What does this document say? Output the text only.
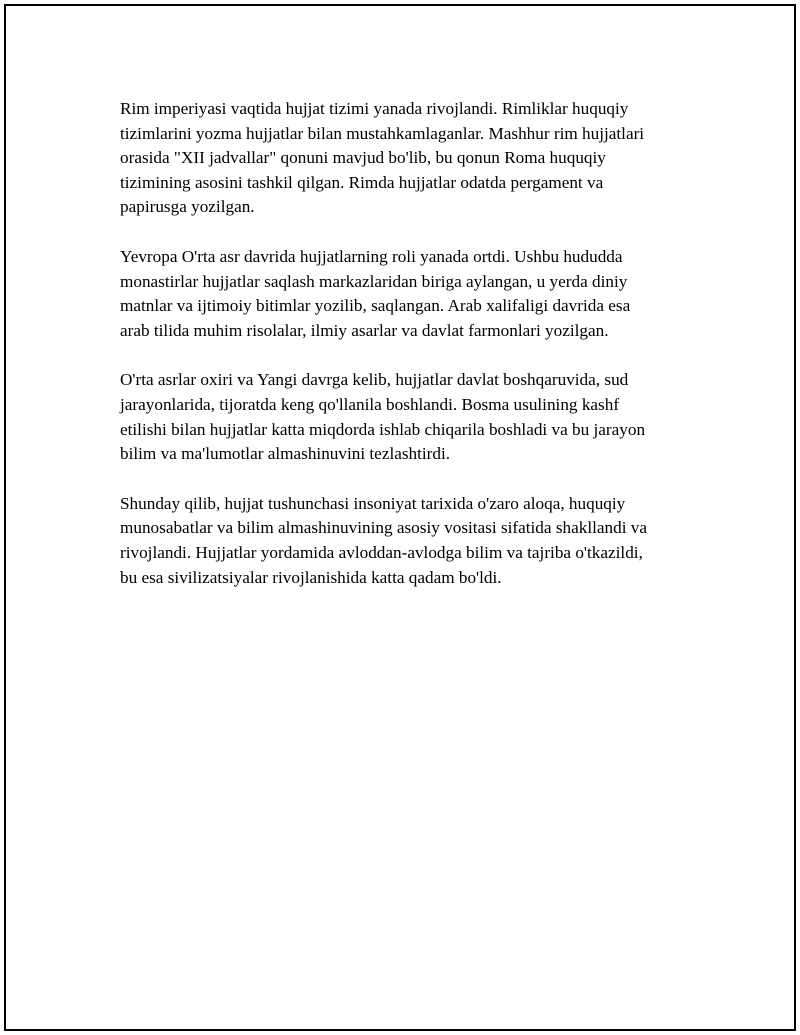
Rim imperiyasi vaqtida hujjat tizimi yanada rivojlandi. Rimliklar huquqiy
tizimlarini yozma hujjatlar bilan mustahkamlaganlar. Mashhur rim hujjatlari
orasida "XII jadvallar" qonuni mavjud bo'lib, bu qonun Roma huquqiy
tizimining asosini tashkil qilgan. Rimda hujjatlar odatda pergament va
papirusga yozilgan.

Yevropa O'rta asr davrida hujjatlarning roli yanada ortdi. Ushbu hududda
monastirlar hujjatlar saqlash markazlaridan biriga aylangan, u yerda diniy
matnlar va ijtimoiy bitimlar yozilib, saqlangan. Arab xalifaligi davrida esa
arab tilida muhim risolalar, ilmiy asarlar va davlat farmonlari yozilgan.

O'rta asrlar oxiri va Yangi davrga kelib, hujjatlar davlat boshqaruvida, sud
jarayonlarida, tijoratda keng qo'llanila boshlandi. Bosma usulining kashf
etilishi bilan hujjatlar katta miqdorda ishlab chiqarila boshladi va bu jarayon
bilim va ma'lumotlar almashinuvini tezlashtirdi.

Shunday qilib, hujjat tushunchasi insoniyat tarixida o'zaro aloqa, huquqiy
munosabatlar va bilim almashinuvining asosiy vositasi sifatida shakllandi va
rivojlandi. Hujjatlar yordamida avloddan-avlodga bilim va tajriba o'tkazildi,
bu esa sivilizatsiyalar rivojlanishida katta qadam bo'ldi.
